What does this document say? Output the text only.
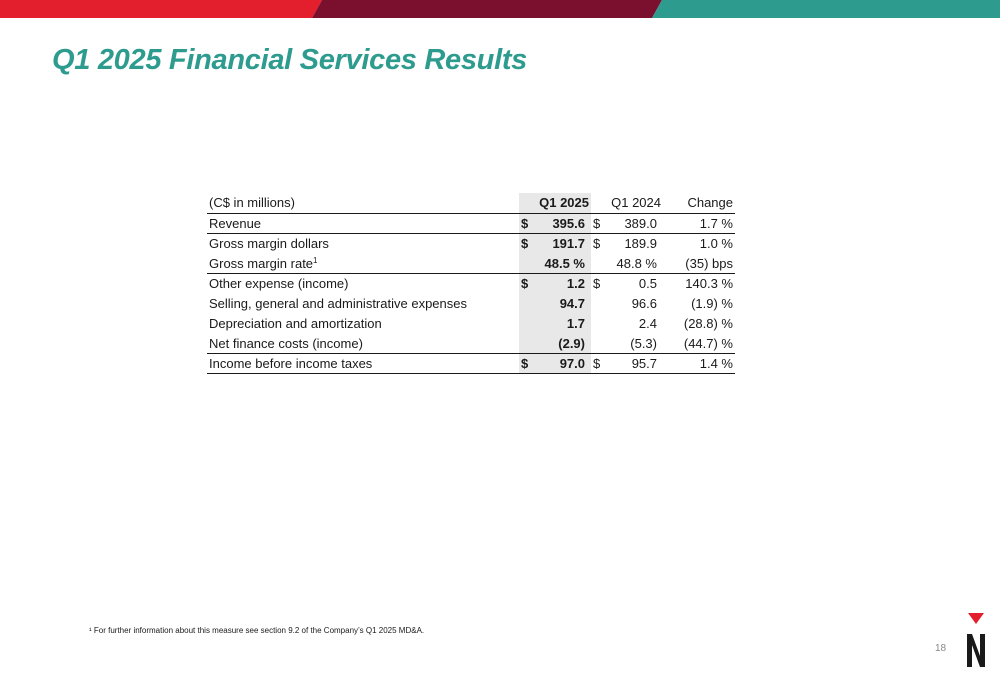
Q1 2025 Financial Services Results
(C$ in millions)	Q1 2025 Q1 2024 Change
Revenue	$ 395.6 $ 389.0	1.7 %
Gross margin dollars	$ 191.7 $ 189.9	1.0 %
Gross margin rate$^1$	48.5 % 48.8 % (35) bps
Other expense (income)	$	1.2 $	0.5 140.3 %
Selling, general and administrative expenses	94.7	96.6	(1.9) %
Depreciation and amortization	1.7	2.4 (28.8) %
Net finance costs (income)	(2.9)	(5.3) (44.7) %
Income before income taxes	$ 97.0 $ 95.7	1.4 %
¹ For further information about this measure see section 9.2 of the Company’s Q1 2025 MD&A.
18
